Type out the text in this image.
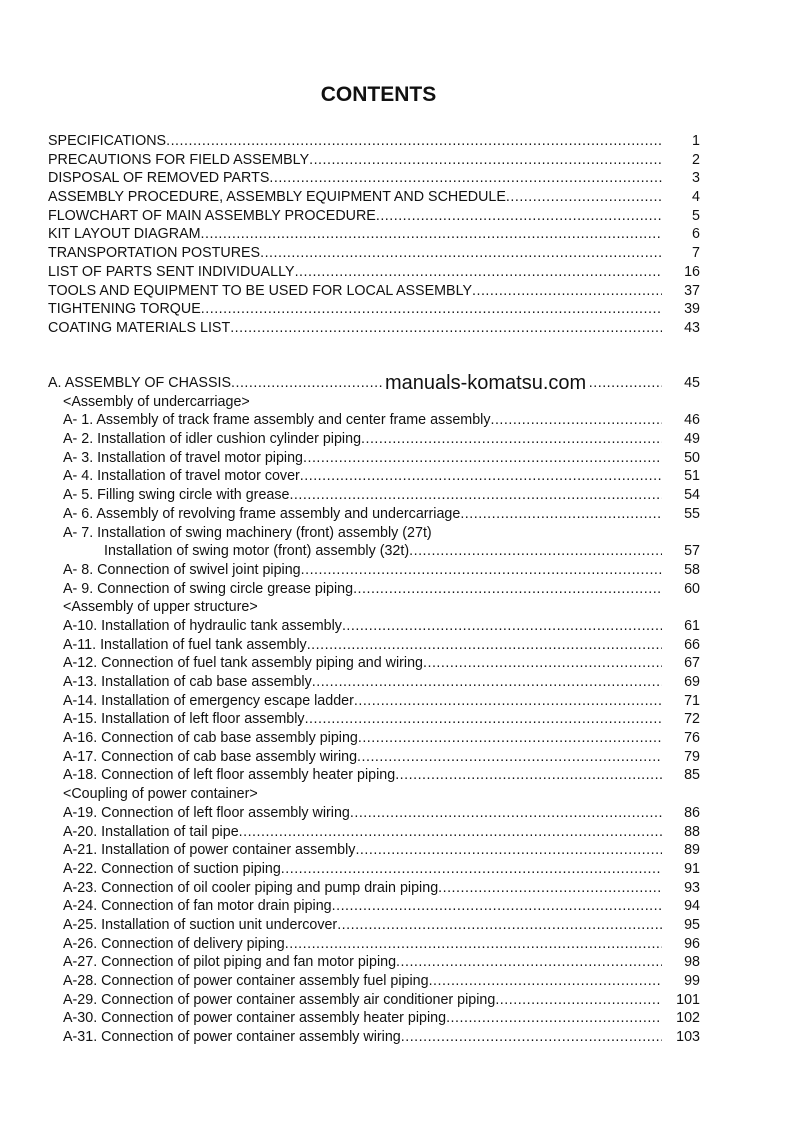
CONTENTS
SPECIFICATIONS .....	1
PRECAUTIONS FOR FIELD ASSEMBLY .....	2
DISPOSAL OF REMOVED PARTS .....	3
ASSEMBLY PROCEDURE, ASSEMBLY EQUIPMENT AND SCHEDULE .....	4
FLOWCHART OF MAIN ASSEMBLY PROCEDURE .....	5
KIT LAYOUT DIAGRAM .....	6
TRANSPORTATION POSTURES .....	7
LIST OF PARTS SENT INDIVIDUALLY .....	16
TOOLS AND EQUIPMENT TO BE USED FOR LOCAL ASSEMBLY .....	37
TIGHTENING TORQUE .....	39
COATING MATERIALS LIST .....	43
A. ASSEMBLY OF CHASSIS .....	45
<Assembly of undercarriage>
A- 1. Assembly of track frame assembly and center frame assembly .....	46
A- 2. Installation of idler cushion cylinder piping .....	49
A- 3. Installation of travel motor piping .....	50
A- 4. Installation of travel motor cover .....	51
A- 5. Filling swing circle with grease .....	54
A- 6. Assembly of revolving frame assembly and undercarriage .....	55
A- 7. Installation of swing machinery (front) assembly (27t)
Installation of swing motor (front) assembly (32t) .....	57
A- 8. Connection of swivel joint piping .....	58
A- 9. Connection of swing circle grease piping .....	60
<Assembly of upper structure>
A-10. Installation of hydraulic tank assembly .....	61
A-11. Installation of fuel tank assembly .....	66
A-12. Connection of fuel tank assembly piping and wiring .....	67
A-13. Installation of cab base assembly .....	69
A-14. Installation of emergency escape ladder .....	71
A-15. Installation of left floor assembly .....	72
A-16. Connection of cab base assembly piping .....	76
A-17. Connection of cab base assembly wiring .....	79
A-18. Connection of left floor assembly heater piping .....	85
<Coupling of power container>
A-19. Connection of left floor assembly wiring .....	86
A-20. Installation of tail pipe .....	88
A-21. Installation of power container assembly .....	89
A-22. Connection of suction piping .....	91
A-23. Connection of oil cooler piping and pump drain piping .....	93
A-24. Connection of fan motor drain piping .....	94
A-25. Installation of suction unit undercover .....	95
A-26. Connection of delivery piping .....	96
A-27. Connection of pilot piping and fan motor piping .....	98
A-28. Connection of power container assembly fuel piping .....	99
A-29. Connection of power container assembly air conditioner piping .....	101
A-30. Connection of power container assembly heater piping .....	102
A-31. Connection of power container assembly wiring .....	103
manuals-komatsu.com
